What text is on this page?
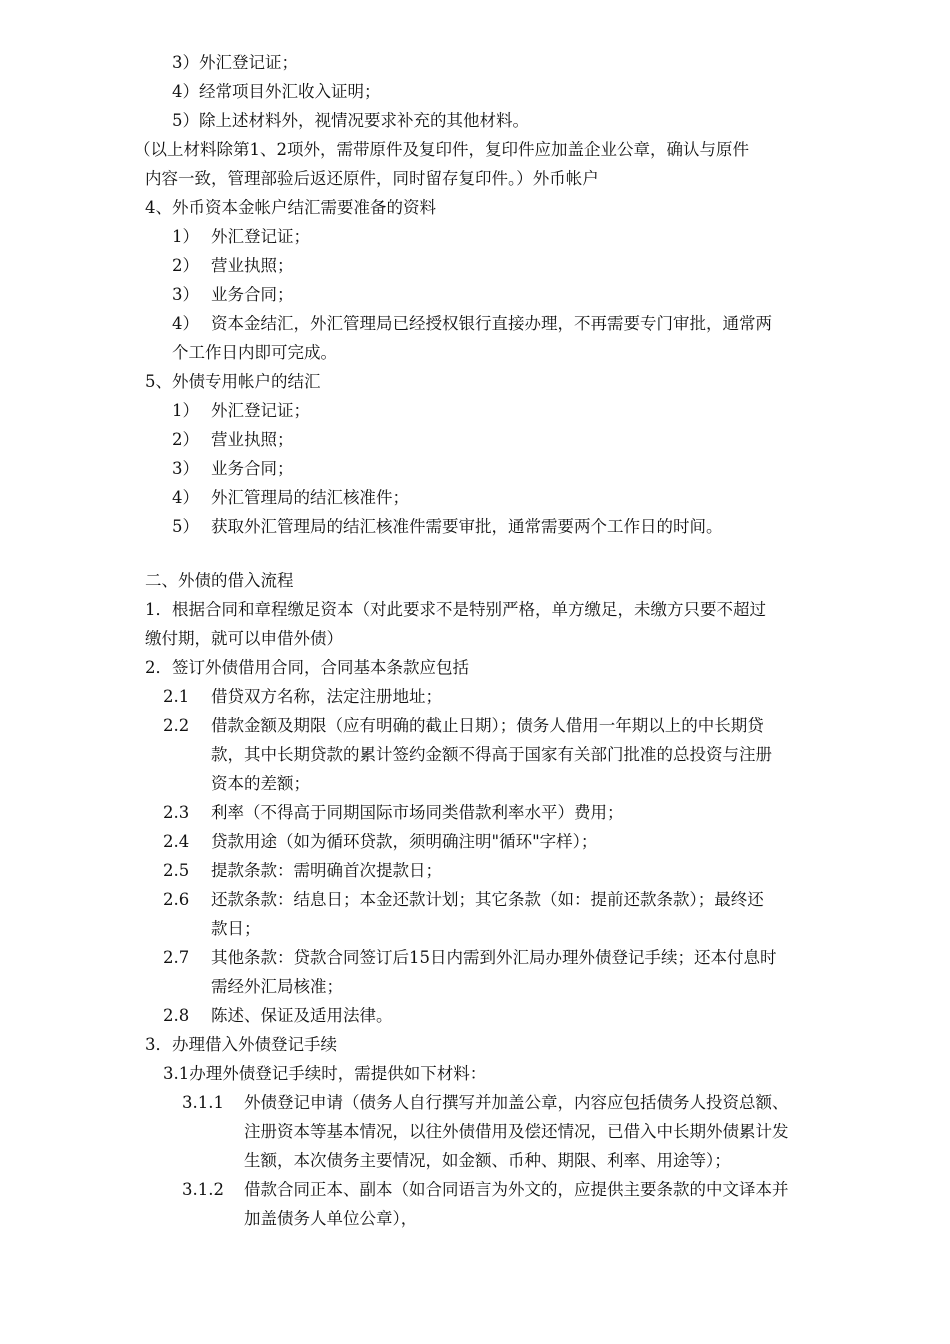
3）外汇登记证；
4）经常项目外汇收入证明；
5）除上述材料外，视情况要求补充的其他材料。
（以上材料除第1、2项外，需带原件及复印件，复印件应加盖企业公章，确认与原件
内容一致，管理部验后返还原件，同时留存复印件。）外币帐户
4、外币资本金帐户结汇需要准备的资料
1） 外汇登记证；
2） 营业执照；
3） 业务合同；
4） 资本金结汇，外汇管理局已经授权银行直接办理，不再需要专门审批，通常两
个工作日内即可完成。
5、外债专用帐户的结汇
1） 外汇登记证；
2） 营业执照；
3） 业务合同；
4） 外汇管理局的结汇核准件；
5） 获取外汇管理局的结汇核准件需要审批，通常需要两个工作日的时间。
二、外债的借入流程
1．根据合同和章程缴足资本（对此要求不是特别严格，单方缴足，未缴方只要不超过
缴付期，就可以申借外债）
2．签订外债借用合同，合同基本条款应包括
2.1 借贷双方名称，法定注册地址；
2.2 借款金额及期限（应有明确的截止日期）；债务人借用一年期以上的中长期贷
款，其中长期贷款的累计签约金额不得高于国家有关部门批准的总投资与注册
资本的差额；
2.3 利率（不得高于同期国际市场同类借款利率水平）费用；
2.4 贷款用途（如为循环贷款，须明确注明"循环"字样）；
2.5 提款条款：需明确首次提款日；
2.6 还款条款：结息日；本金还款计划；其它条款（如：提前还款条款）；最终还
款日；
2.7 其他条款：贷款合同签订后15日内需到外汇局办理外债登记手续；还本付息时
需经外汇局核准；
2.8 陈述、保证及适用法律。
3．办理借入外债登记手续
3.1办理外债登记手续时，需提供如下材料：
3.1.1 外债登记申请（债务人自行撰写并加盖公章，内容应包括债务人投资总额、
注册资本等基本情况，以往外债借用及偿还情况，已借入中长期外债累计发
生额，本次债务主要情况，如金额、币种、期限、利率、用途等）；
3.1.2 借款合同正本、副本（如合同语言为外文的，应提供主要条款的中文译本并
加盖债务人单位公章），
